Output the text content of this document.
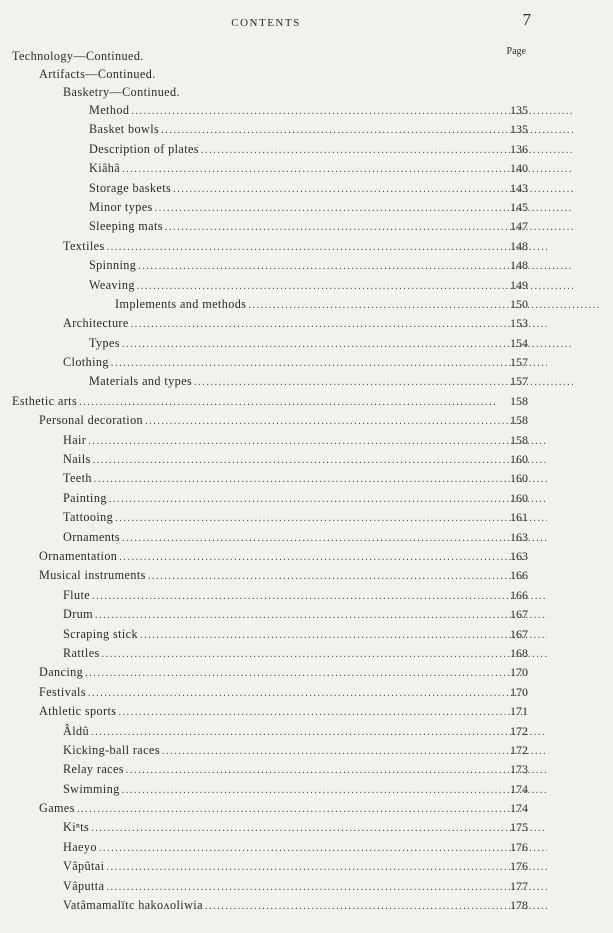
CONTENTS	7
Page
Technology—Continued.
Artifacts—Continued.
Basketry—Continued.
Method .....	135
Basket bowls .....	135
Description of plates .....	136
Kiâhâ .....	140
Storage baskets .....	143
Minor types .....	145
Sleeping mats .....	147
Textiles .....	148
Spinning .....	148
Weaving .....	149
Implements and methods .....	150
Architecture .....	153
Types .....	154
Clothing .....	157
Materials and types .....	157
Esthetic arts .....	158
Personal decoration .....	158
Hair .....	158
Nails .....	160
Teeth .....	160
Painting .....	160
Tattooing .....	161
Ornaments .....	163
Ornamentation .....	163
Musical instruments .....	166
Flute .....	166
Drum .....	167
Scraping stick .....	167
Rattles .....	168
Dancing .....	170
Festivals .....	170
Athletic sports .....	171
Âldû .....	172
Kicking-ball races .....	172
Relay races .....	173
Swimming .....	174
Games .....	174
Kiⁿts .....	175
Haeyo .....	176
Vâpûtai .....	176
Vâputta .....	177
Vatâmamalïtc hakoʌoliwia .....	178
